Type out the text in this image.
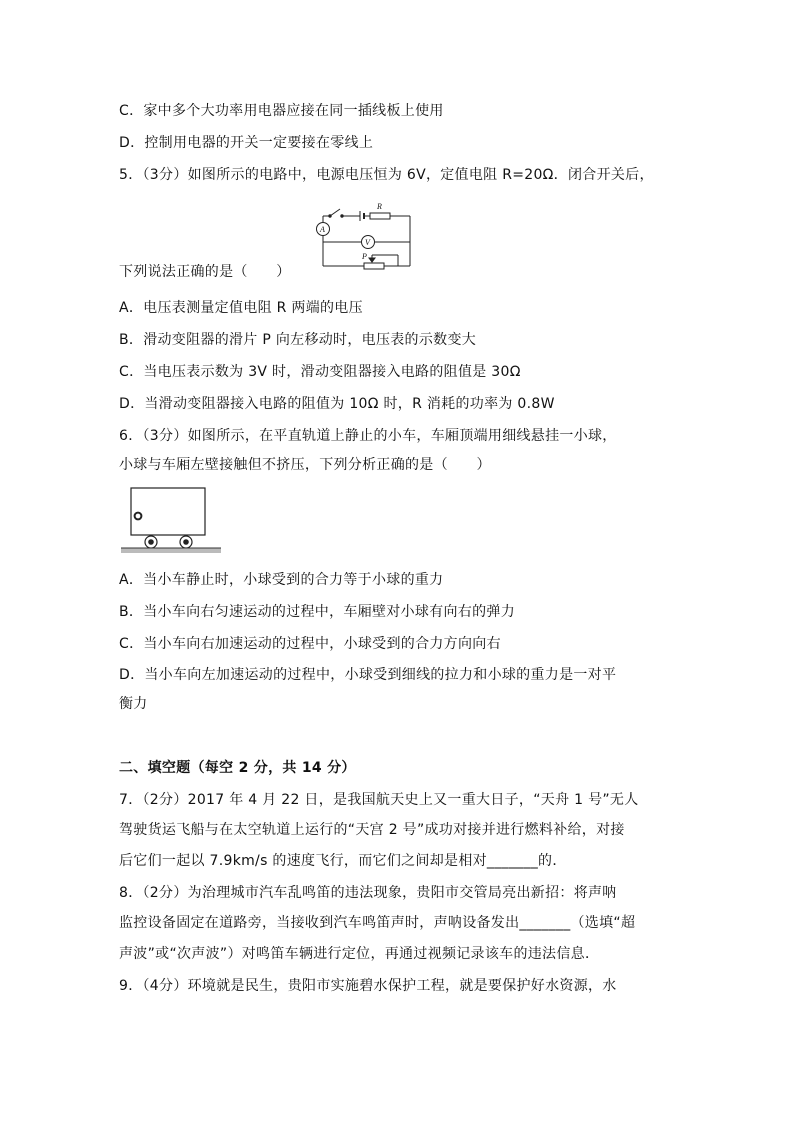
C．家中多个大功率用电器应接在同一插线板上使用
D．控制用电器的开关一定要接在零线上
5．（3分）如图所示的电路中，电源电压恒为 6V，定值电阻 R=20Ω．闭合开关后，
A
V
R
P
下列说法正确的是（　　）
A．电压表测量定值电阻 R 两端的电压
B．滑动变阻器的滑片 P 向左移动时，电压表的示数变大
C．当电压表示数为 3V 时，滑动变阻器接入电路的阻值是 30Ω
D．当滑动变阻器接入电路的阻值为 10Ω 时，R 消耗的功率为 0.8W
6．（3分）如图所示，在平直轨道上静止的小车，车厢顶端用细线悬挂一小球，
小球与车厢左壁接触但不挤压，下列分析正确的是（　　）
A．当小车静止时，小球受到的合力等于小球的重力
B．当小车向右匀速运动的过程中，车厢壁对小球有向右的弹力
C．当小车向右加速运动的过程中，小球受到的合力方向向右
D．当小车向左加速运动的过程中，小球受到细线的拉力和小球的重力是一对平
衡力
二、填空题（每空 2 分，共 14 分）
7．（2分）2017 年 4 月 22 日，是我国航天史上又一重大日子，“天舟 1 号”无人
驾驶货运飞船与在太空轨道上运行的“天宫 2 号”成功对接并进行燃料补给，对接
后它们一起以 7.9km/s 的速度飞行，而它们之间却是相对_______的．
8．（2分）为治理城市汽车乱鸣笛的违法现象，贵阳市交管局亮出新招：将声呐
监控设备固定在道路旁，当接收到汽车鸣笛声时，声呐设备发出_______（选填“超
声波”或“次声波”）对鸣笛车辆进行定位，再通过视频记录该车的违法信息．
9．（4分）环境就是民生，贵阳市实施碧水保护工程，就是要保护好水资源，水
